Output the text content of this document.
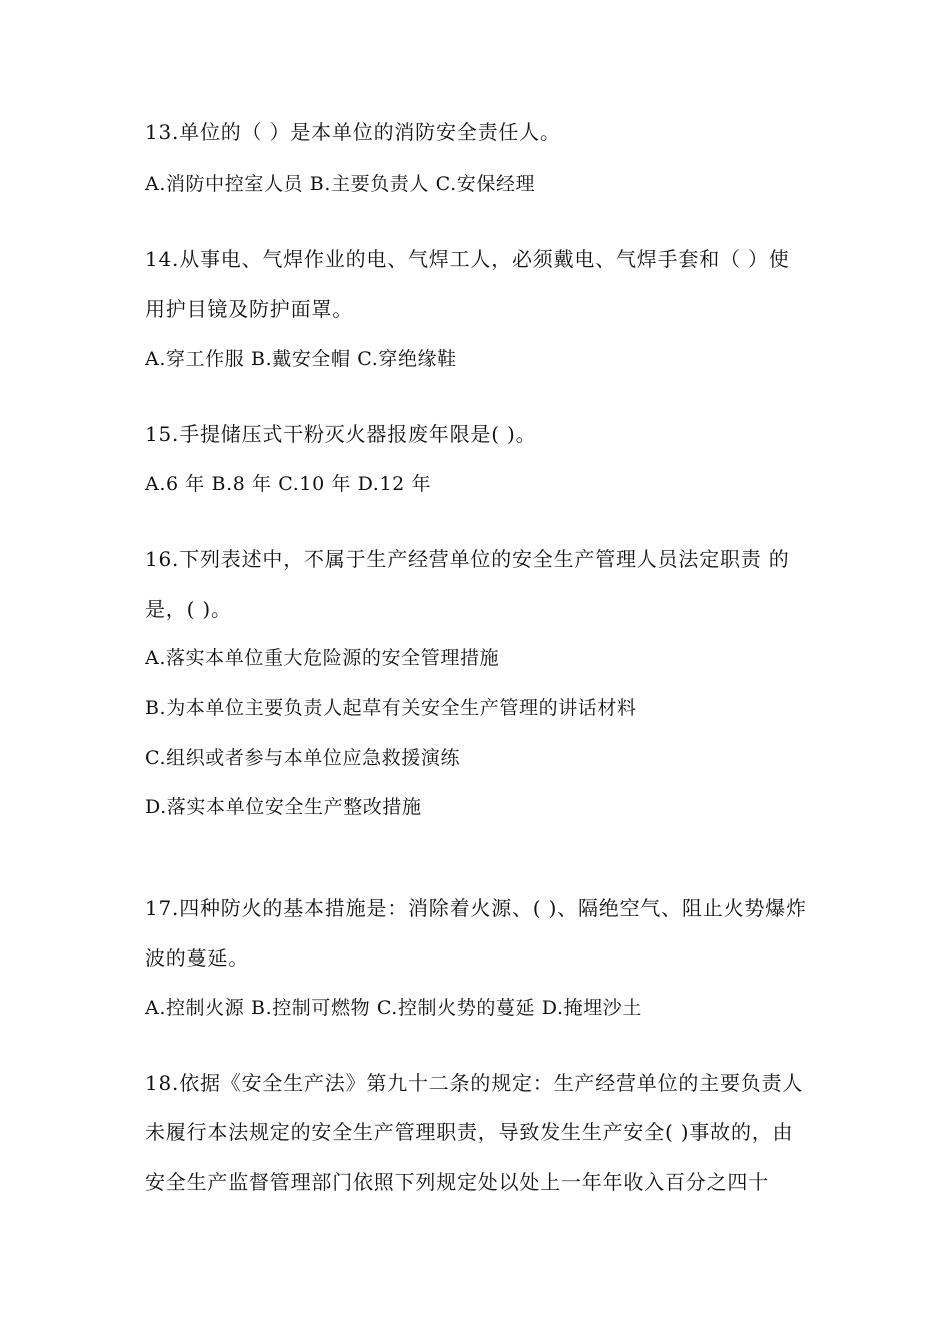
13.单位的（ ）是本单位的消防安全责任人。
A.消防中控室人员 B.主要负责人 C.安保经理
14.从事电、气焊作业的电、气焊工人，必须戴电、气焊手套和（ ）使
用护目镜及防护面罩。
A.穿工作服 B.戴安全帽 C.穿绝缘鞋
15.手提储压式干粉灭火器报废年限是( )。
A.6 年 B.8 年 C.10 年 D.12 年
16.下列表述中，不属于生产经营单位的安全生产管理人员法定职责 的
是，( )。
A.落实本单位重大危险源的安全管理措施
B.为本单位主要负责人起草有关安全生产管理的讲话材料
C.组织或者参与本单位应急救援演练
D.落实本单位安全生产整改措施
17.四种防火的基本措施是：消除着火源、( )、隔绝空气、阻止火势爆炸
波的蔓延。
A.控制火源 B.控制可燃物 C.控制火势的蔓延 D.掩埋沙土
18.依据《安全生产法》第九十二条的规定：生产经营单位的主要负责人
未履行本法规定的安全生产管理职责，导致发生生产安全( )事故的，由
安全生产监督管理部门依照下列规定处以处上一年年收入百分之四十
